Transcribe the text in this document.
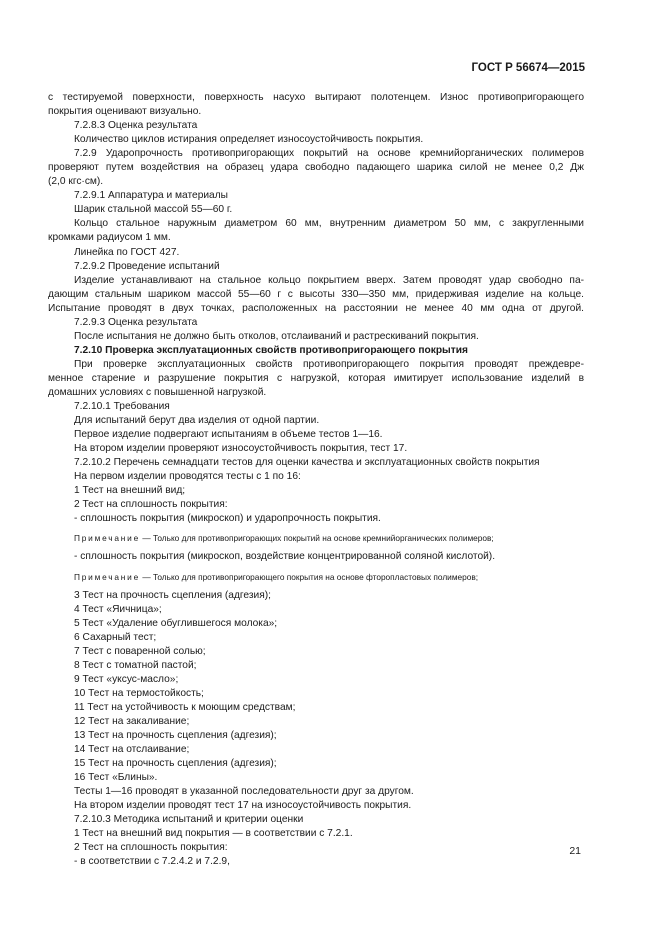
ГОСТ Р 56674—2015

с тестируемой поверхности, поверхность насухо вытирают полотенцем. Износ противопригорающего

покрытия оценивают визуально.

7.2.8.3 Оценка результата

Количество циклов истирания определяет износоустойчивость покрытия.

7.2.9 Ударопрочность противопригорающих покрытий на основе кремнийорганических полимеров

проверяют путем воздействия на образец удара свободно падающего шарика силой не менее 0,2 Дж

(2,0 кгс·см).

7.2.9.1 Аппаратура и материалы

Шарик стальной массой 55—60 г.

Кольцо стальное наружным диаметром 60 мм, внутренним диаметром 50 мм, с закругленными

кромками радиусом 1 мм.

Линейка по ГОСТ 427.

7.2.9.2 Проведение испытаний

Изделие устанавливают на стальное кольцо покрытием вверх. Затем проводят удар свободно па-

дающим стальным шариком массой 55—60 г с высоты 330—350 мм, придерживая изделие на кольце.

Испытание проводят в двух точках, расположенных на расстоянии не менее 40 мм одна от другой.

7.2.9.3 Оценка результата

После испытания не должно быть отколов, отслаиваний и растрескиваний покрытия.

7.2.10 Проверка эксплуатационных свойств противопригорающего покрытия

При проверке эксплуатационных свойств противопригорающего покрытия проводят преждевре-

менное старение и разрушение покрытия с нагрузкой, которая имитирует использование изделий в

домашних условиях с повышенной нагрузкой.

7.2.10.1 Требования

Для испытаний берут два изделия от одной партии.

Первое изделие подвергают испытаниям в объеме тестов 1—16.

На втором изделии проверяют износоустойчивость покрытия, тест 17.

7.2.10.2 Перечень семнадцати тестов для оценки качества и эксплуатационных свойств покрытия

На первом изделии проводятся тесты с 1 по 16:

1 Тест на внешний вид;

2 Тест на сплошность покрытия:

- сплошность покрытия (микроскоп) и ударопрочность покрытия.

Примечание — Только для противопригорающих покрытий на основе кремнийорганических полимеров;

- сплошность покрытия (микроскоп, воздействие концентрированной соляной кислотой).

Примечание — Только для противопригорающего покрытия на основе фторопластовых полимеров;

3 Тест на прочность сцепления (адгезия);

4 Тест «Яичница»;

5 Тест «Удаление обуглившегося молока»;

6 Сахарный тест;

7 Тест с поваренной солью;

8 Тест с томатной пастой;

9 Тест «уксус-масло»;

10 Тест на термостойкость;

11 Тест на устойчивость к моющим средствам;

12 Тест на закаливание;

13 Тест на прочность сцепления (адгезия);

14 Тест на отслаивание;

15 Тест на прочность сцепления (адгезия);

16 Тест «Блины».

Тесты 1—16 проводят в указанной последовательности друг за другом.

На втором изделии проводят тест 17 на износоустойчивость покрытия.

7.2.10.3 Методика испытаний и критерии оценки

1 Тест на внешний вид покрытия — в соответствии с 7.2.1.

2 Тест на сплошность покрытия:

- в соответствии с 7.2.4.2 и 7.2.9,

21
